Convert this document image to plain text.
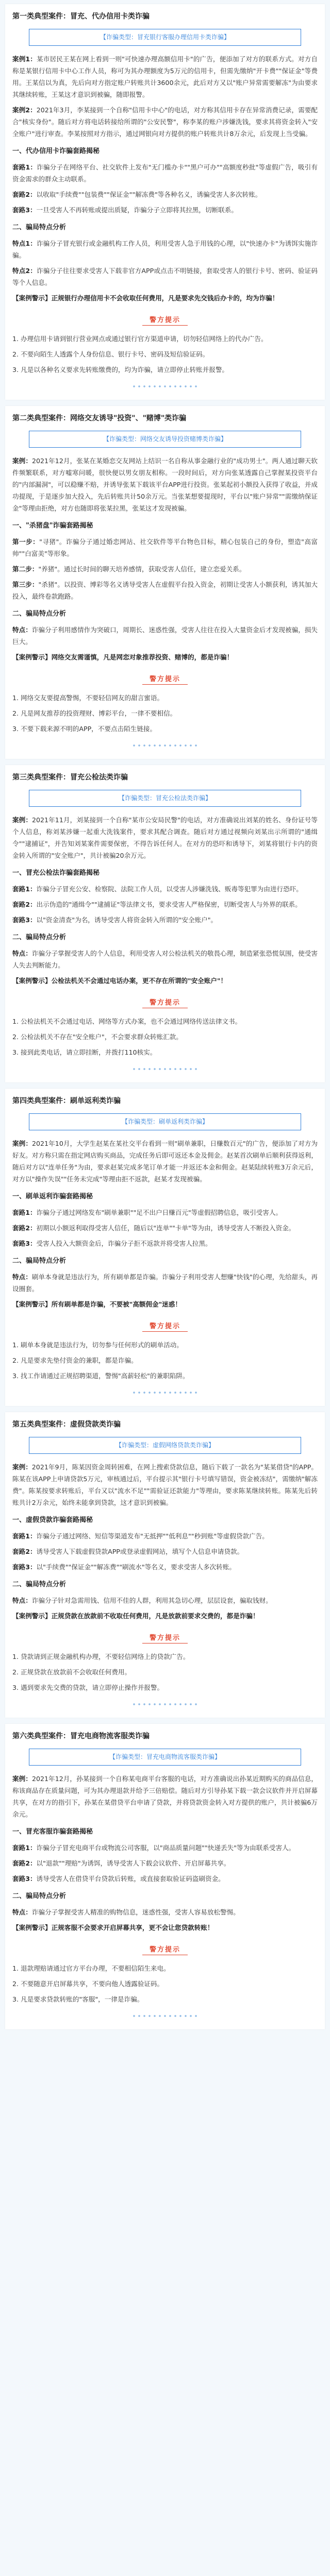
第一类典型案件：冒充、代办信用卡类诈骗
【诈骗类型：冒充银行客服办理信用卡类诈骗】

案例1：某市居民王某在网上看到一则"可快速办理高额信用卡"的广告，便添加了对方的联系方式。对方自称是某银行信用卡中心工作人员，称可为其办理额度为5万元的信用卡，但需先缴纳"开卡费""保证金"等费用。王某信以为真，先后向对方指定账户转账共计3600余元，此后对方又以"账户异常需要解冻"为由要求其继续转账，王某这才意识到被骗，随即报警。

案例2：2021年3月，李某接到一个自称"信用卡中心"的电话，对方称其信用卡存在异常消费记录，需要配合"核实身份"。随后对方将电话转接给所谓的"公安民警"，称李某的账户涉嫌洗钱，要求其将资金转入"安全账户"进行审查。李某按照对方指示，通过网银向对方提供的账户转账共计8万余元，后发现上当受骗。

一、代办信用卡诈骗套路揭秘

套路1：诈骗分子在网络平台、社交软件上发布"无门槛办卡""黑户可办""高额度秒批"等虚假广告，吸引有资金需求的群众主动联系。

套路2：以收取"手续费""包装费""保证金""解冻费"等各种名义，诱骗受害人多次转账。

套路3：一旦受害人不再转账或提出质疑，诈骗分子立即将其拉黑，切断联系。

二、骗局特点分析

特点1：诈骗分子冒充银行或金融机构工作人员，利用受害人急于用钱的心理，以"快速办卡"为诱饵实施诈骗。

特点2：诈骗分子往往要求受害人下载非官方APP或点击不明链接，套取受害人的银行卡号、密码、验证码等个人信息。

【案例警示】正规银行办理信用卡不会收取任何费用，凡是要求先交钱后办卡的，均为诈骗！

警方提示

1. 办理信用卡请到银行营业网点或通过银行官方渠道申请，切勿轻信网络上的代办广告。

2. 不要向陌生人透露个人身份信息、银行卡号、密码及短信验证码。

3. 凡是以各种名义要求先转账缴费的，均为诈骗，请立即停止转账并报警。

第二类典型案件：网络交友诱导"投资"、"赌博"类诈骗
【诈骗类型：网络交友诱导投资赌博类诈骗】

案例：2021年12月，张某在某婚恋交友网站上结识一名自称从事金融行业的"成功男士"。两人通过聊天软件频繁联系，对方嘘寒问暖，很快便以男女朋友相称。一段时间后，对方向张某透露自己掌握某投资平台的"内部漏洞"，可以稳赚不赔，并诱导张某下载该平台APP进行投资。张某起初小额投入获得了收益，并成功提现，于是逐步加大投入，先后转账共计50余万元。当张某想要提现时，平台以"账户异常""需缴纳保证金"等理由拒绝，对方也随即将张某拉黑，张某这才发现被骗。

一、"杀猪盘"诈骗套路揭秘

第一步："寻猪"。诈骗分子通过婚恋网站、社交软件等平台物色目标，精心包装自己的身份，塑造"高富帅""白富美"等形象。

第二步："养猪"。通过长时间的聊天培养感情，获取受害人信任，建立恋爱关系。

第三步："杀猪"。以投资、博彩等名义诱导受害人在虚假平台投入资金，初期让受害人小额获利，诱其加大投入，最终卷款跑路。

二、骗局特点分析

特点：诈骗分子利用感情作为突破口，周期长、迷惑性强，受害人往往在投入大量资金后才发现被骗，损失巨大。

【案例警示】网络交友需谨慎，凡是网恋对象推荐投资、赌博的，都是诈骗！

警方提示

1. 网络交友要提高警惕，不要轻信网友的甜言蜜语。

2. 凡是网友推荐的投资理财、博彩平台，一律不要相信。

3. 不要下载来源不明的APP，不要点击陌生链接。

第三类典型案件：冒充公检法类诈骗
【诈骗类型：冒充公检法类诈骗】

案例：2021年11月，刘某接到一个自称"某市公安局民警"的电话，对方准确说出刘某的姓名、身份证号等个人信息，称刘某涉嫌一起重大洗钱案件，要求其配合调查。随后对方通过视频向刘某出示所谓的"通缉令""逮捕证"，并告知刘某案件需要保密，不得告诉任何人。在对方的恐吓和诱导下，刘某将银行卡内的资金转入所谓的"安全账户"，共计被骗20余万元。

一、冒充公检法诈骗套路揭秘

套路1：诈骗分子冒充公安、检察院、法院工作人员，以受害人涉嫌洗钱、贩毒等犯罪为由进行恐吓。

套路2：出示伪造的"通缉令""逮捕证"等法律文书，要求受害人严格保密，切断受害人与外界的联系。

套路3：以"资金清查"为名，诱导受害人将资金转入所谓的"安全账户"。

二、骗局特点分析

特点：诈骗分子掌握受害人的个人信息，利用受害人对公检法机关的敬畏心理，制造紧张恐慌氛围，使受害人失去判断能力。

【案例警示】公检法机关不会通过电话办案，更不存在所谓的"安全账户"！

警方提示

1. 公检法机关不会通过电话、网络等方式办案，也不会通过网络传送法律文书。

2. 公检法机关不存在"安全账户"，不会要求群众转账汇款。

3. 接到此类电话，请立即挂断，并拨打110核实。

第四类典型案件：刷单返利类诈骗
【诈骗类型：刷单返利类诈骗】

案例：2021年10月，大学生赵某在某社交平台看到一则"刷单兼职，日赚数百元"的广告，便添加了对方为好友。对方称只需在指定网店购买商品，完成任务后即可返还本金及佣金。赵某首次刷单后顺利获得返利，随后对方以"连单任务"为由，要求赵某完成多笔订单才能一并返还本金和佣金。赵某陆续转账3万余元后，对方以"操作失误""任务未完成"等理由拒不返款，赵某才发现被骗。

一、刷单返利诈骗套路揭秘

套路1：诈骗分子通过网络发布"刷单兼职""足不出户日赚百元"等虚假招聘信息，吸引受害人。

套路2：初期以小额返利取得受害人信任，随后以"连单""卡单"等为由，诱导受害人不断投入资金。

套路3：受害人投入大额资金后，诈骗分子拒不返款并将受害人拉黑。

二、骗局特点分析

特点：刷单本身就是违法行为，所有刷单都是诈骗。诈骗分子利用受害人想赚"快钱"的心理，先给甜头，再设圈套。

【案例警示】所有刷单都是诈骗，不要被"高额佣金"迷惑！

警方提示

1. 刷单本身就是违法行为，切勿参与任何形式的刷单活动。

2. 凡是要求先垫付资金的兼职，都是诈骗。

3. 找工作请通过正规招聘渠道，警惕"高薪轻松"的兼职陷阱。

第五类典型案件：虚假贷款类诈骗
【诈骗类型：虚假网络贷款类诈骗】

案例：2021年9月，陈某因资金周转困难，在网上搜索贷款信息，随后下载了一款名为"某某借贷"的APP。陈某在该APP上申请贷款5万元，审核通过后，平台提示其"银行卡号填写错误，资金被冻结"，需缴纳"解冻费"。陈某按要求转账后，平台又以"流水不足""需验证还款能力"等理由，要求陈某继续转账。陈某先后转账共计2万余元，始终未能拿到贷款，这才意识到被骗。

一、虚假贷款诈骗套路揭秘

套路1：诈骗分子通过网络、短信等渠道发布"无抵押""低利息""秒到账"等虚假贷款广告。

套路2：诱导受害人下载虚假贷款APP或登录虚假网站，填写个人信息申请贷款。

套路3：以"手续费""保证金""解冻费""刷流水"等名义，要求受害人多次转账。

二、骗局特点分析

特点：诈骗分子针对急需用钱、信用不佳的人群，利用其急切心理，层层设套，骗取钱财。

【案例警示】正规贷款在放款前不收取任何费用，凡是放款前要求交费的，都是诈骗！

警方提示

1. 贷款请到正规金融机构办理，不要轻信网络上的贷款广告。

2. 正规贷款在放款前不会收取任何费用。

3. 遇到要求先交费的贷款，请立即停止操作并报警。

第六类典型案件：冒充电商物流客服类诈骗
【诈骗类型：冒充电商物流客服类诈骗】

案例：2021年12月，孙某接到一个自称某电商平台客服的电话，对方准确说出孙某近期购买的商品信息，称该商品存在质量问题，可为其办理退款并给予三倍赔偿。随后对方引导孙某下载一款会议软件并开启屏幕共享，在对方的指引下，孙某在某借贷平台申请了贷款，并将贷款资金转入对方提供的账户，共计被骗6万余元。

一、冒充客服诈骗套路揭秘

套路1：诈骗分子冒充电商平台或物流公司客服，以"商品质量问题""快递丢失"等为由联系受害人。

套路2：以"退款""理赔"为诱饵，诱导受害人下载会议软件、开启屏幕共享。

套路3：诱导受害人在借贷平台贷款后转账，或直接套取验证码盗刷资金。

二、骗局特点分析

特点：诈骗分子掌握受害人精准的购物信息，迷惑性强，受害人容易放松警惕。

【案例警示】正规客服不会要求开启屏幕共享，更不会让您贷款转账！

警方提示

1. 退款理赔请通过官方平台办理，不要相信陌生来电。

2. 不要随意开启屏幕共享，不要向他人透露验证码。

3. 凡是要求贷款转账的"客服"，一律是诈骗。
